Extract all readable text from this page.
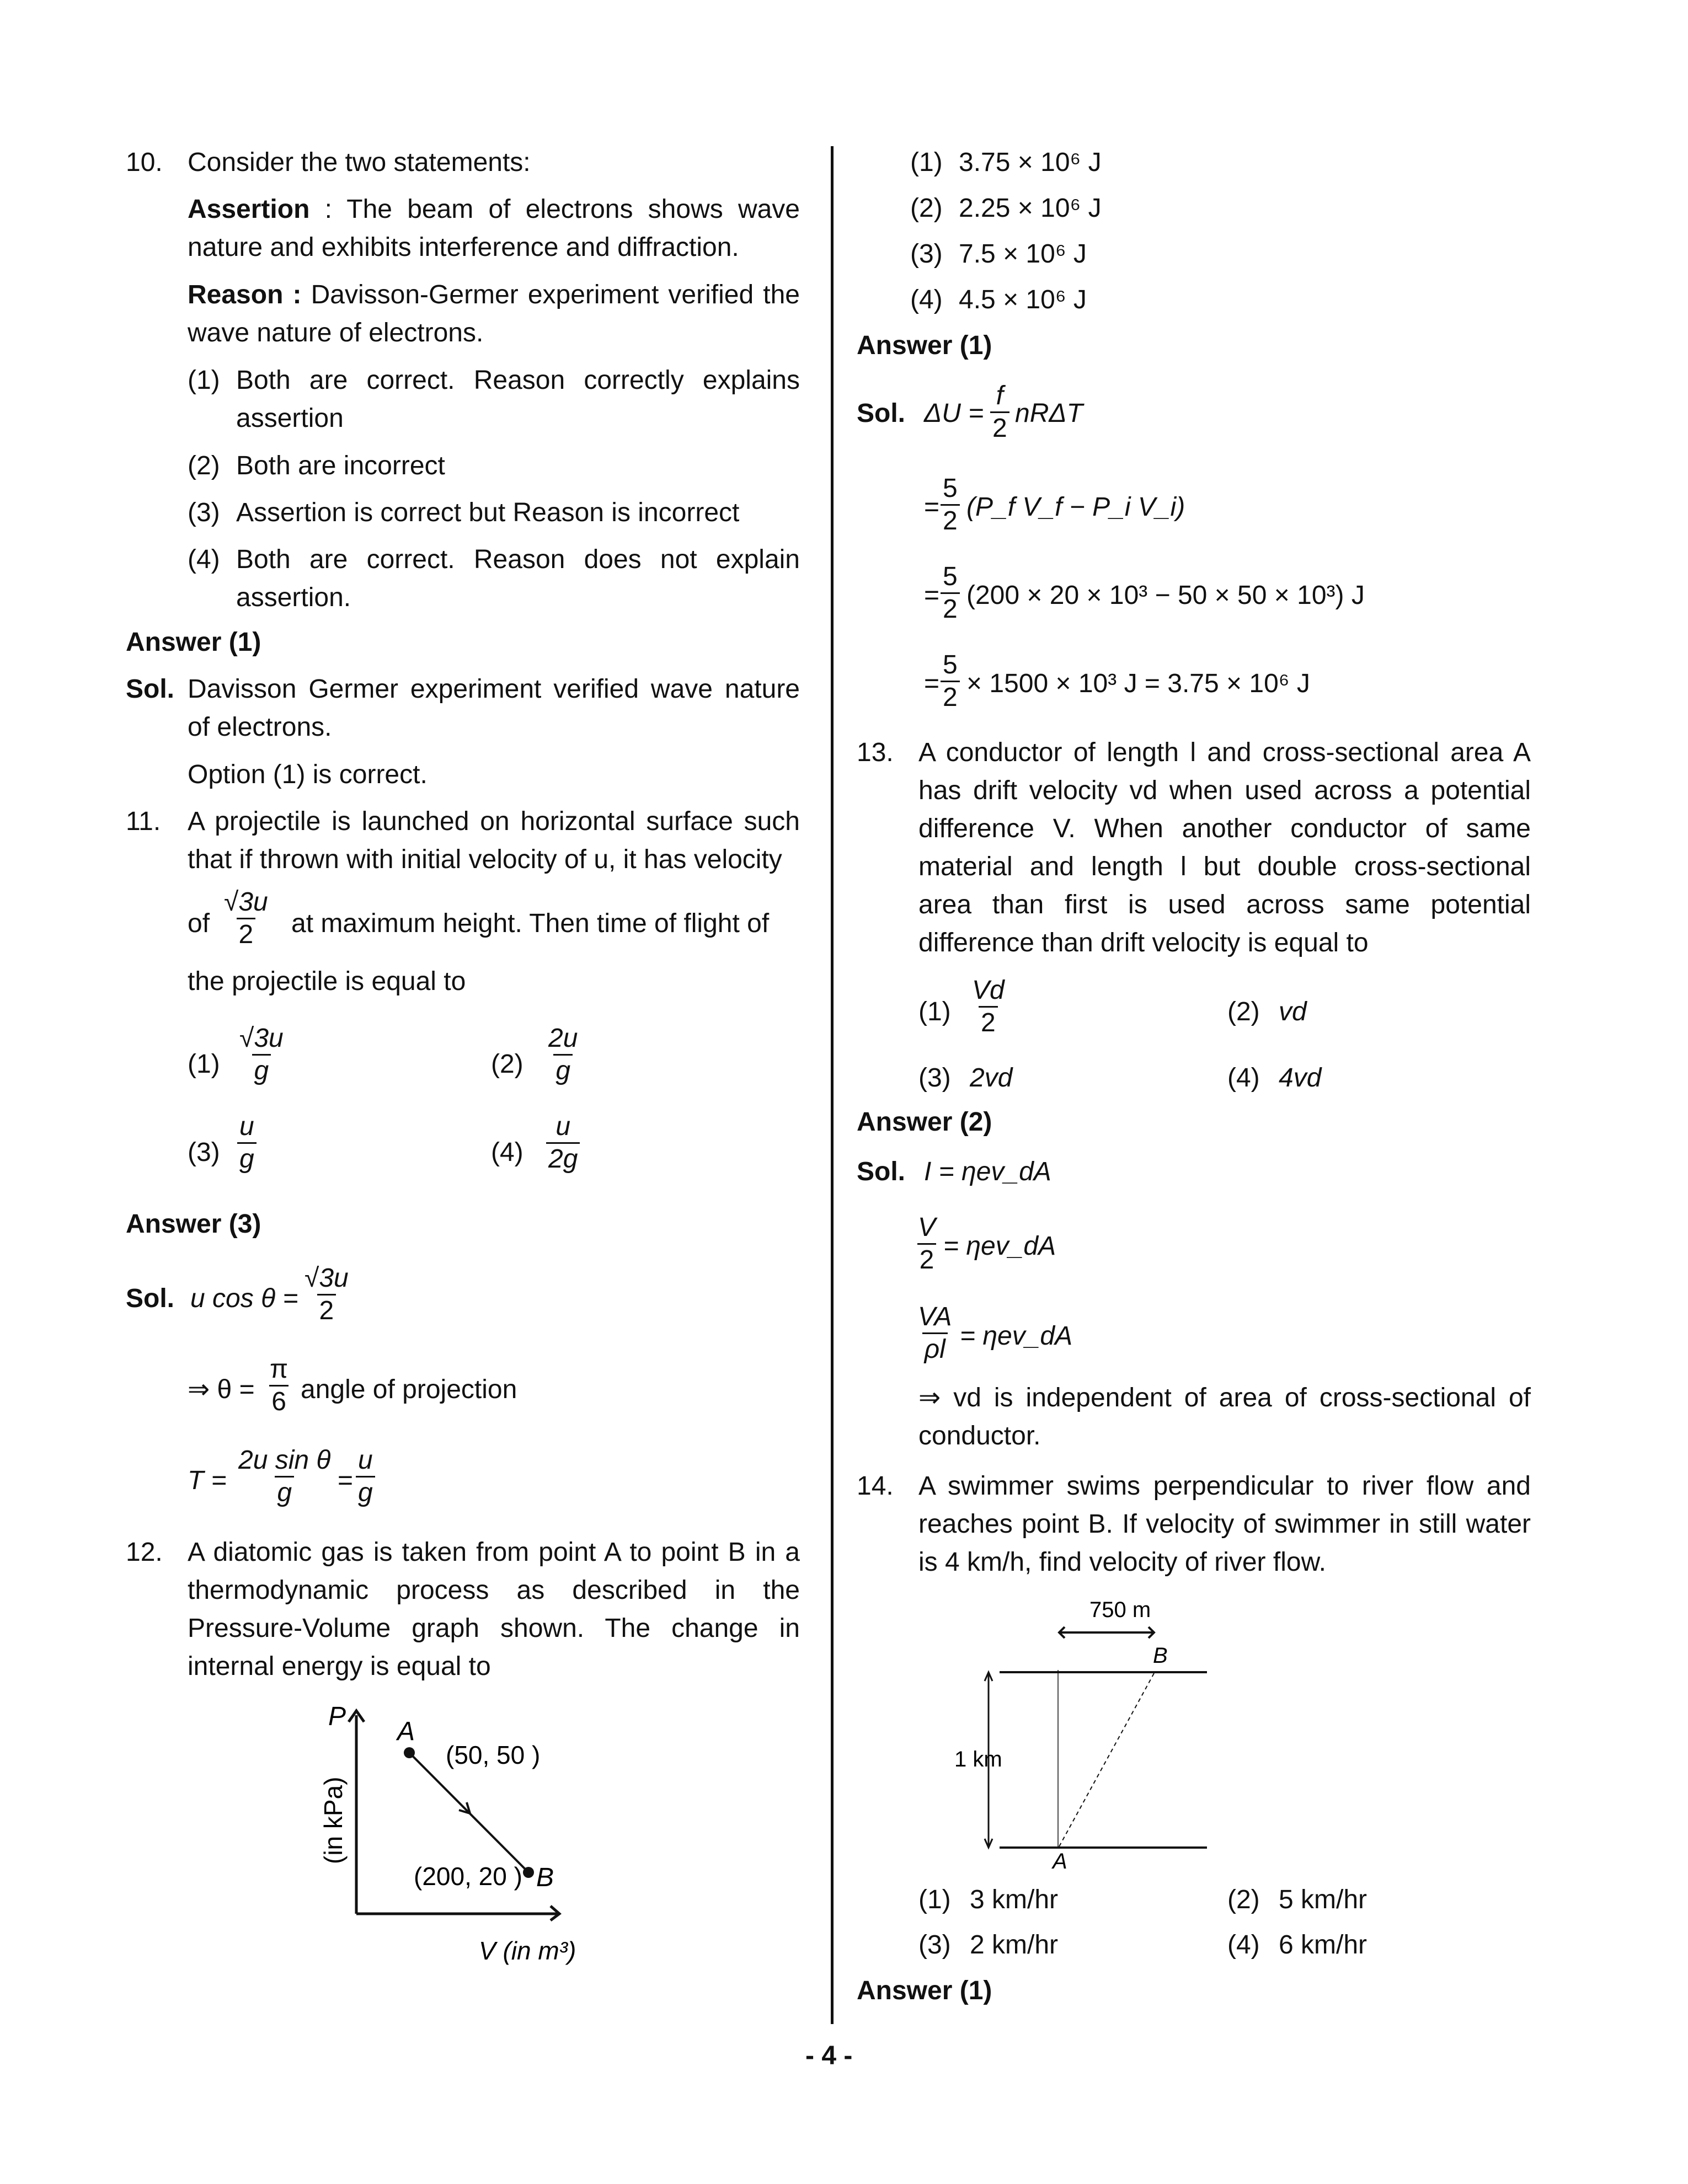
10. Consider the two statements:
Assertion : The beam of electrons shows wave nature and exhibits interference and diffraction.
Reason : Davisson-Germer experiment verified the wave nature of electrons.
(1) Both are correct. Reason correctly explains assertion
(2) Both are incorrect
(3) Assertion is correct but Reason is incorrect
(4) Both are correct. Reason does not explain assertion.
Answer (1)
Sol. Davisson Germer experiment verified wave nature of electrons.
Option (1) is correct.
11. A projectile is launched on horizontal surface such that if thrown with initial velocity of u, it has velocity
of $\frac{√3u}{2}$ at maximum height. Then time of flight of
the projectile is equal to
$(1) \frac{√3u}{g}$	$(2) \frac{2u}{g}$
$(3) \frac{u}{g}$	$(4) \frac{u}{2g}$
Answer (3)
Sol. u $\cos \theta = \frac{√3u}{2}$
⇒ $\theta = \frac{\pi}{6}$ angle of projection
$T = \frac{\text{2u sin θ}}{g} = \frac{u}{g}$
12. A diatomic gas is taken from point A to point B in a thermodynamic process as described in the Pressure-Volume graph shown. The change in internal energy is equal to
P
(in kPa)
A
(50, 50 )
(200, 20 ) B
V (in m³)
(1) 3.75 × 10⁶ J
(2) 2.25 × 10⁶ J
(3) 7.5 × 10⁶ J
(4) 4.5 × 10⁶ J
Answer (1)
Sol. $\Delta U = \frac{f}{2}$ nRΔT
= $\frac{5}{2}$ (P_f V_f − P_i V_i)
= $\frac{5}{2} (200 \times 20 \times 10^3 - 50 \times 50 \times 10^3)$ J
= $\frac{5}{2} \times 1500 \times 10^3$ J = 3.75 × 10⁶ J
13. A conductor of length l and cross-sectional area A has drift velocity vd when used across a potential difference V. When another conductor of same material and length l but double cross-sectional area than first is used across same potential difference than drift velocity is equal to
$(1) \frac{Vd}{2}$	(2) vd
(3) 2vd	(4) 4vd
Answer (2)
Sol. I = ηev_dA
$\frac{V}{2}$ = ηev_dA
$\frac{VA}{\rho l}$ = ηev_dA
⇒ vd is independent of area of cross-sectional of conductor.
14. A swimmer swims perpendicular to river flow and reaches point B. If velocity of swimmer in still water is 4 km/h, find velocity of river flow.
750 m
B
1 km
A
(1) 3 km/hr	(2) 5 km/hr
(3) 2 km/hr	(4) 6 km/hr
Answer (1)
- 4 -
